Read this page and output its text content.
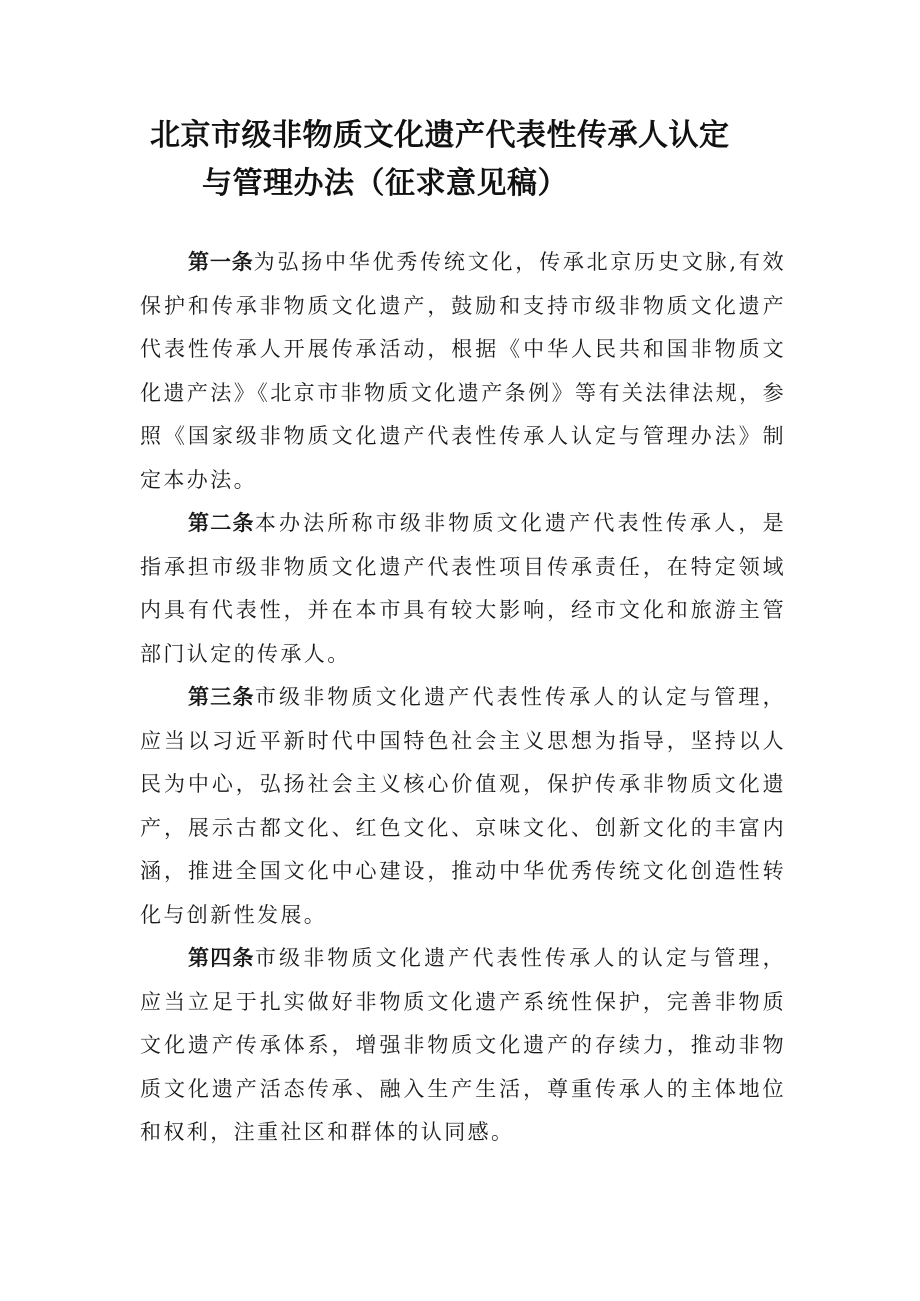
北京市级非物质文化遗产代表性传承人认定
与管理办法（征求意见稿）

第一条为弘扬中华优秀传统文化，传承北京历史文脉,有效保护和传承非物质文化遗产，鼓励和支持市级非物质文化遗产代表性传承人开展传承活动，根据《中华人民共和国非物质文化遗产法》《北京市非物质文化遗产条例》等有关法律法规，参照《国家级非物质文化遗产代表性传承人认定与管理办法》制定本办法。

第二条本办法所称市级非物质文化遗产代表性传承人，是指承担市级非物质文化遗产代表性项目传承责任，在特定领域内具有代表性，并在本市具有较大影响，经市文化和旅游主管部门认定的传承人。

第三条市级非物质文化遗产代表性传承人的认定与管理，应当以习近平新时代中国特色社会主义思想为指导，坚持以人民为中心，弘扬社会主义核心价值观，保护传承非物质文化遗产，展示古都文化、红色文化、京味文化、创新文化的丰富内涵，推进全国文化中心建设，推动中华优秀传统文化创造性转化与创新性发展。

第四条市级非物质文化遗产代表性传承人的认定与管理，应当立足于扎实做好非物质文化遗产系统性保护，完善非物质文化遗产传承体系，增强非物质文化遗产的存续力，推动非物质文化遗产活态传承、融入生产生活，尊重传承人的主体地位和权利，注重社区和群体的认同感。
